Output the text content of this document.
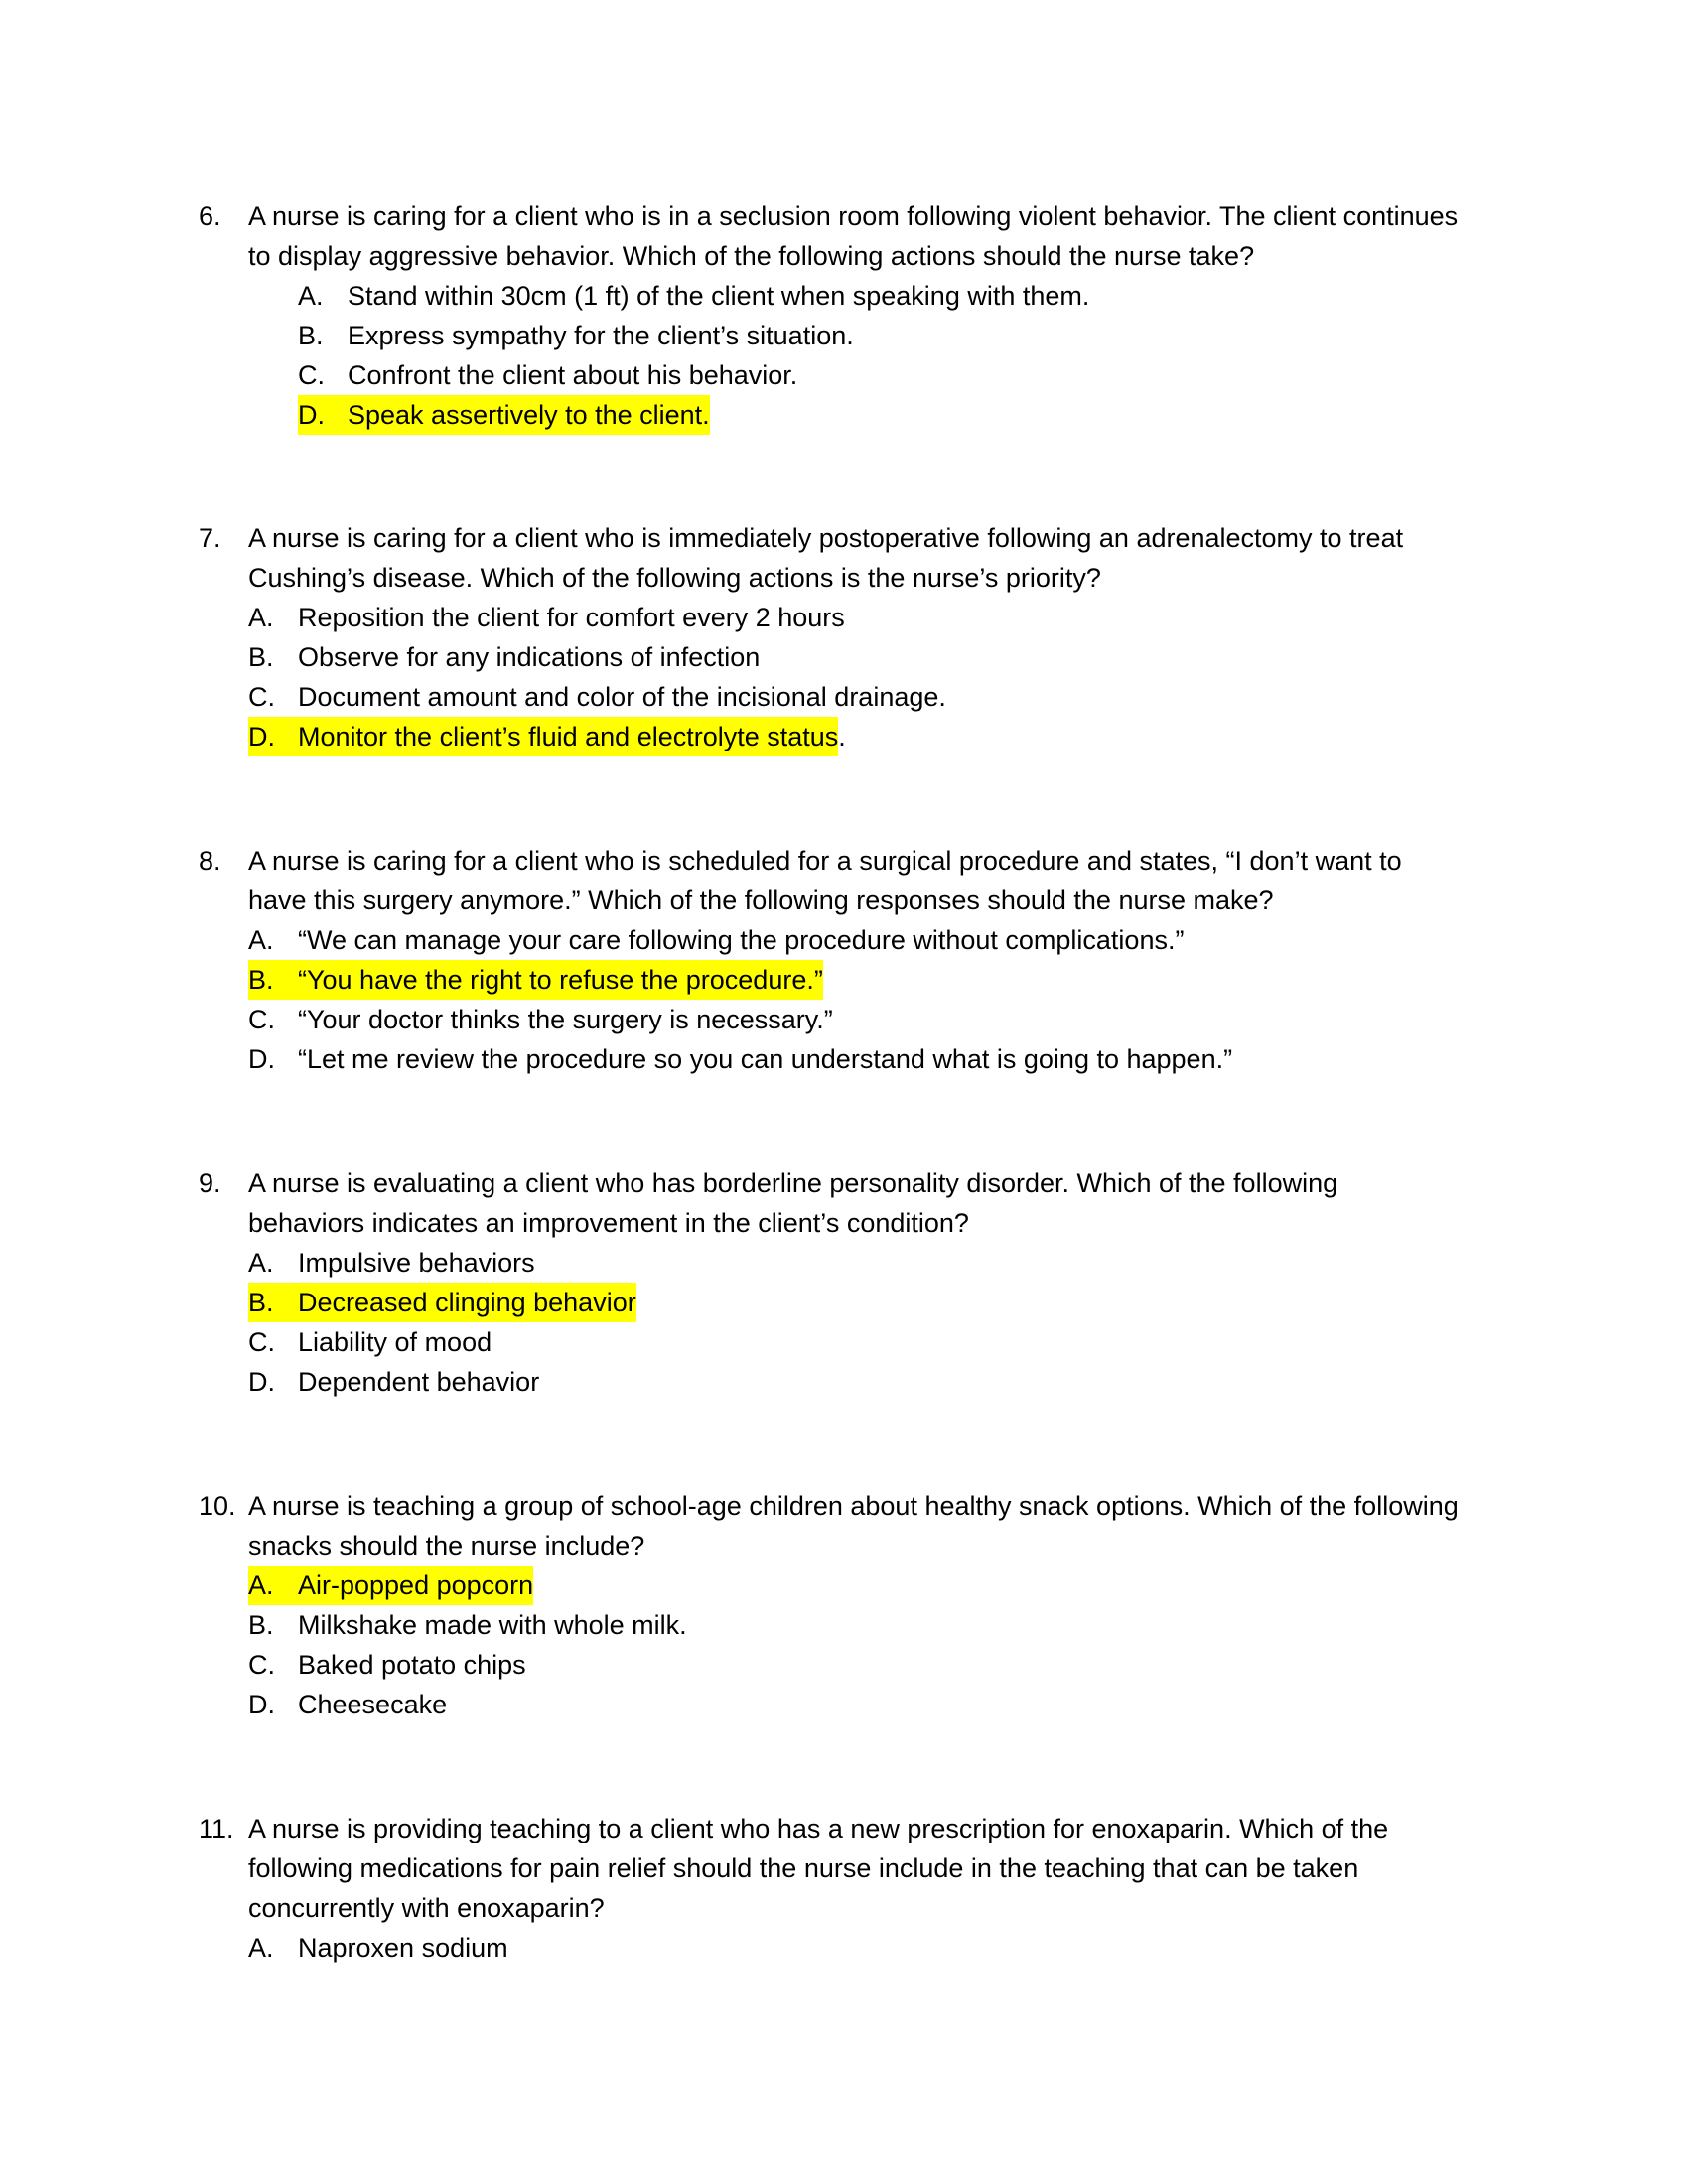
6.	A nurse is caring for a client who is in a seclusion room following violent behavior. The client continues to display aggressive behavior. Which of the following actions should the nurse take?
A. Stand within 30cm (1 ft) of the client when speaking with them.
B. Express sympathy for the client’s situation.
C. Confront the client about his behavior.
D. Speak assertively to the client.
7.	A nurse is caring for a client who is immediately postoperative following an adrenalectomy to treat Cushing’s disease. Which of the following actions is the nurse’s priority?
A. Reposition the client for comfort every 2 hours
B. Observe for any indications of infection
C. Document amount and color of the incisional drainage.
D. Monitor the client’s fluid and electrolyte status .
8.	A nurse is caring for a client who is scheduled for a surgical procedure and states, “I don’t want to have this surgery anymore.” Which of the following responses should the nurse make?
A. “We can manage your care following the procedure without complications.”
B. “You have the right to refuse the procedure.”
C. “Your doctor thinks the surgery is necessary.”
D. “Let me review the procedure so you can understand what is going to happen.”
9.	A nurse is evaluating a client who has borderline personality disorder. Which of the following behaviors indicates an improvement in the client’s condition?
A. Impulsive behaviors
B. Decreased clinging behavior
C. Liability of mood
D. Dependent behavior
10. A nurse is teaching a group of school-age children about healthy snack options. Which of the following snacks should the nurse include?
A. Air-popped popcorn
B. Milkshake made with whole milk.
C. Baked potato chips
D. Cheesecake
11. A nurse is providing teaching to a client who has a new prescription for enoxaparin. Which of the following medications for pain relief should the nurse include in the teaching that can be taken concurrently with enoxaparin?
A. Naproxen sodium
